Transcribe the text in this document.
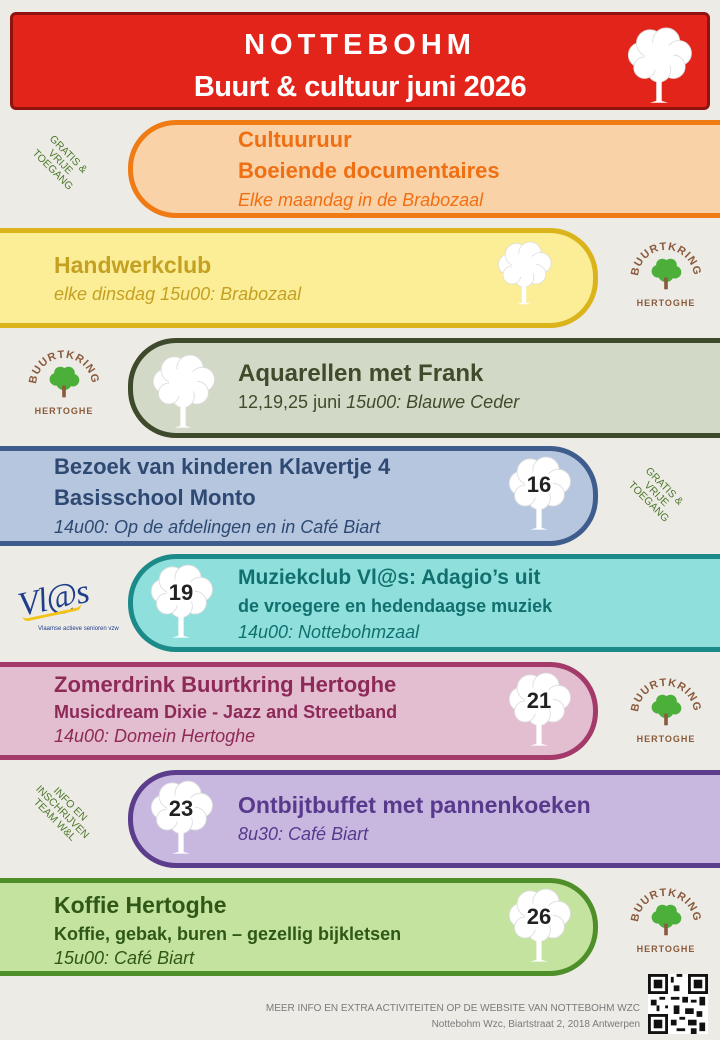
NOTTEBOHM
Buurt & cultuur juni 2026
Cultuuruur
Boeiende documentaires
Elke maandag in de Brabozaal
GRATIS & VRIJE TOEGANG
Handwerkclub
elke dinsdag 15u00: Brabozaal
BUURTKRING
HERTOGHE
Aquarellen met Frank
12,19,25 juni 15u00: Blauwe Ceder
BUURTKRING
HERTOGHE
Bezoek van kinderen Klavertje 4
Basisschool Monto
14u00: Op de afdelingen en in Café Biart
16	GRATIS & VRIJE TOEGANG
19
Muziekclub Vl@s: Adagio’s uit
de vroegere en hedendaagse muziek
14u00: Nottebohmzaal
Vl@s
Vlaamse actieve senioren vzw
Zomerdrink Buurtkring Hertoghe
Musicdream Dixie - Jazz and Streetband
14u00: Domein Hertoghe
21	BUURTKRING
HERTOGHE
23	Ontbijtbuffet met pannenkoeken
8u30: Café Biart
INFO EN INSCHRIJVEN TEAM W&L
Koffie Hertoghe
Koffie, gebak, buren – gezellig bijkletsen
15u00: Café Biart
26	BUURTKRING
HERTOGHE
MEER INFO EN EXTRA ACTIVITEITEN OP DE WEBSITE VAN NOTTEBOHM WZC
Nottebohm Wzc, Biartstraat 2, 2018 Antwerpen
